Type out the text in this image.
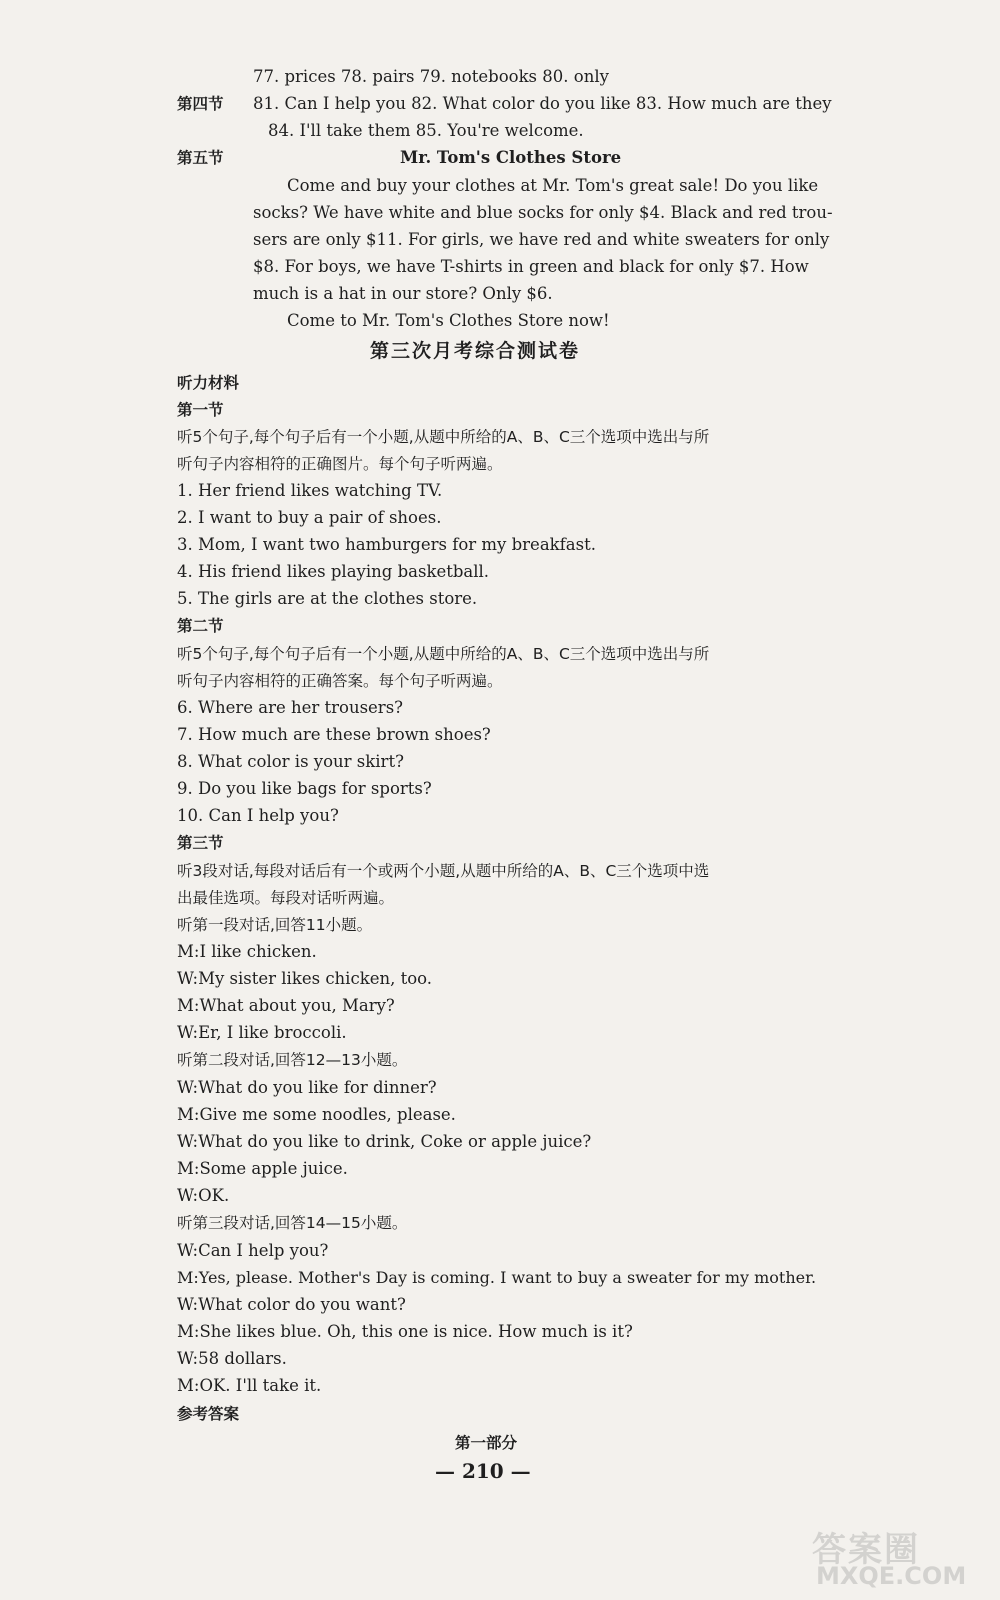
77. prices 78. pairs 79. notebooks 80. only
第四节 81. Can I help you 82. What color do you like 83. How much are they
84. I'll take them 85. You're welcome.
第五节	Mr. Tom's Clothes Store
Come and buy your clothes at Mr. Tom's great sale! Do you like
socks? We have white and blue socks for only $4. Black and red trou-
sers are only $11. For girls, we have red and white sweaters for only
$8. For boys, we have T-shirts in green and black for only $7. How
much is a hat in our store? Only $6.
Come to Mr. Tom's Clothes Store now!
第三次月考综合测试卷
听力材料
第一节
听5个句子,每个句子后有一个小题,从题中所给的A、B、C三个选项中选出与所
听句子内容相符的正确图片。每个句子听两遍。
1. Her friend likes watching TV.
2. I want to buy a pair of shoes.
3. Mom, I want two hamburgers for my breakfast.
4. His friend likes playing basketball.
5. The girls are at the clothes store.
第二节
听5个句子,每个句子后有一个小题,从题中所给的A、B、C三个选项中选出与所
听句子内容相符的正确答案。每个句子听两遍。
6. Where are her trousers?
7. How much are these brown shoes?
8. What color is your skirt?
9. Do you like bags for sports?
10. Can I help you?
第三节
听3段对话,每段对话后有一个或两个小题,从题中所给的A、B、C三个选项中选
出最佳选项。每段对话听两遍。
听第一段对话,回答11小题。
M:I like chicken.
W:My sister likes chicken, too.
M:What about you, Mary?
W:Er, I like broccoli.
听第二段对话,回答12—13小题。
W:What do you like for dinner?
M:Give me some noodles, please.
W:What do you like to drink, Coke or apple juice?
M:Some apple juice.
W:OK.
听第三段对话,回答14—15小题。
W:Can I help you?
M:Yes, please. Mother's Day is coming. I want to buy a sweater for my mother.
W:What color do you want?
M:She likes blue. Oh, this one is nice. How much is it?
W:58 dollars.
M:OK. I'll take it.
参考答案
第一部分
— 210 —
答案圈
MXQE.COM
